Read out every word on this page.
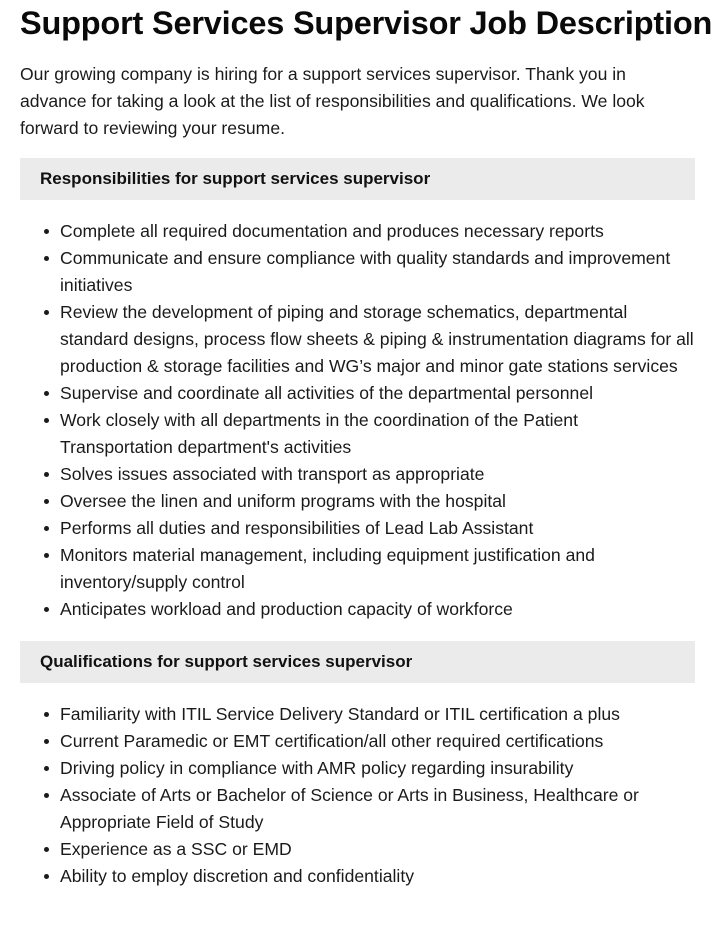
Support Services Supervisor Job Description

Our growing company is hiring for a support services supervisor. Thank you in advance for taking a look at the list of responsibilities and qualifications. We look forward to reviewing your resume.

Responsibilities for support services supervisor
Complete all required documentation and produces necessary reports
Communicate and ensure compliance with quality standards and improvement initiatives
Review the development of piping and storage schematics, departmental standard designs, process flow sheets & piping & instrumentation diagrams for all production & storage facilities and WG’s major and minor gate stations services
Supervise and coordinate all activities of the departmental personnel
Work closely with all departments in the coordination of the Patient Transportation department's activities
Solves issues associated with transport as appropriate
Oversee the linen and uniform programs with the hospital
Performs all duties and responsibilities of Lead Lab Assistant
Monitors material management, including equipment justification and inventory/supply control
Anticipates workload and production capacity of workforce
Qualifications for support services supervisor
Familiarity with ITIL Service Delivery Standard or ITIL certification a plus
Current Paramedic or EMT certification/all other required certifications
Driving policy in compliance with AMR policy regarding insurability
Associate of Arts or Bachelor of Science or Arts in Business, Healthcare or Appropriate Field of Study
Experience as a SSC or EMD
Ability to employ discretion and confidentiality
